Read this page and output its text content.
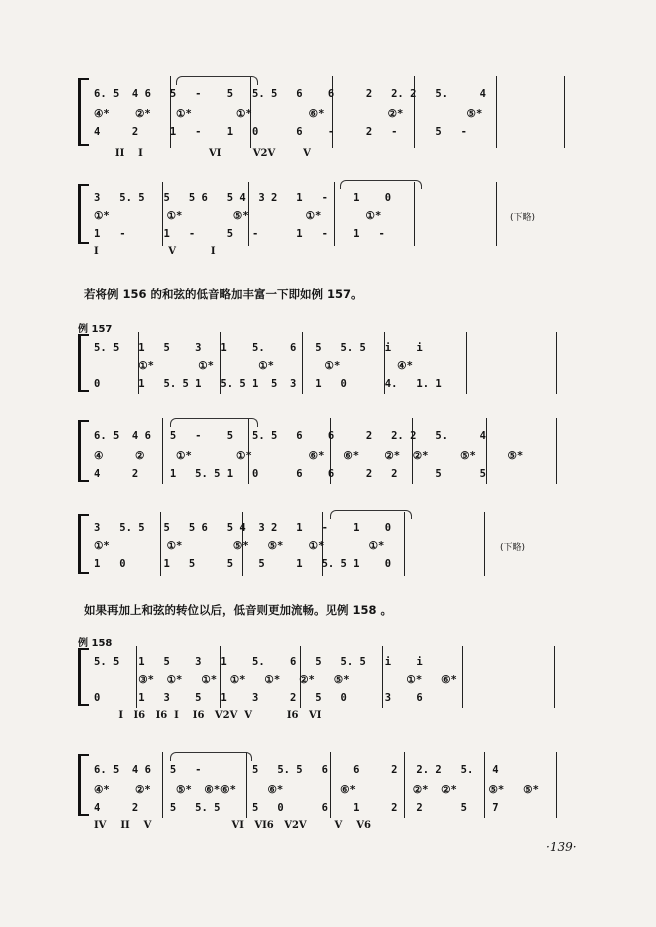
6. 5  4 6   5   -    5   5. 5   6    6     2   2. 2   5.     4
④*    ②*    ①*       ①*         ⑥*          ②*          ⑤*
4     2     1   -    1   0      6    -     2   -      5   -
II    I                   VI         V2V        V
(下略)
3   5. 5   5   5 6   5 4  3 2   1   -    1    0
①*         ①*        ⑤*         ①*       ①*
1   -      1   -     5   -      1   -    1   -
I                    V          I
若将例 156 的和弦的低音略加丰富一下即如例 157。
例 157
5. 5   1   5    3   1    5.    6   5   5. 5   i    i
①*       ①*       ①*        ①*         ④*
0      1   5. 5 1   5. 5 1  5  3   1   0      4.   1. 1
6. 5  4 6   5   -    5   5. 5   6    6     2   2. 2   5.     4
④     ②     ①*       ①*         ⑥*   ⑥*    ②*  ②*     ⑤*     ⑤*
4     2     1   5. 5 1   0      6    6     2   2      5      5
(下略)
3   5. 5   5   5 6   5 4  3 2   1   -    1    0
①*         ①*        ⑤*   ⑤*    ①*       ①*
1   0      1   5     5    5     1   5. 5 1    0
如果再加上和弦的转位以后，低音则更加流畅。见例 158 。
例 158
5. 5   1   5    3   1    5.    6   5   5. 5   i    i
③*  ①*   ①*  ①*   ①*   ②*   ⑤*         ①*   ⑥*
0      1   3    5   1    3     2   5   0      3    6
I   I6   I6  I    I6   V2V  V          I6   VI
6. 5  4 6   5   -        5   5. 5   6    6     2   2. 2   5.   4
④*    ②*    ⑤*  ⑥*⑥*     ⑥*         ⑥*         ②*  ②*     ⑤*   ⑤*
4     2     5   5. 5     5   0      6    1     2   2      5    7
IV    II    V                       VI   VI6   V2V        V    V6
·139·
